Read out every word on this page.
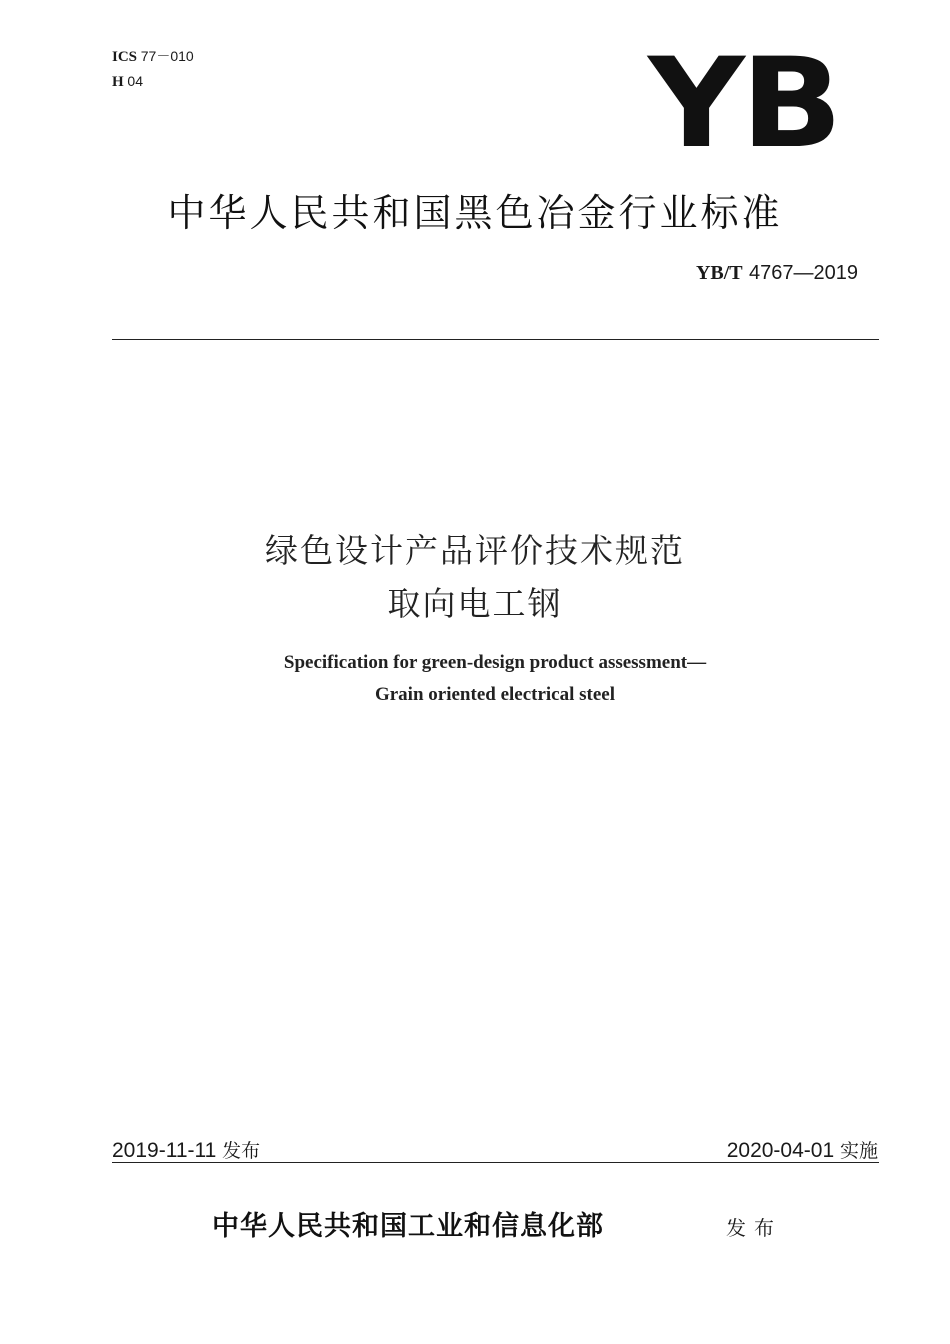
ICS 77－010
H 04	YB
中华人民共和国黑色冶金行业标准
YB/T 4767—2019
绿色设计产品评价技术规范
取向电工钢
Specification for green-design product assessment—
Grain oriented electrical steel
2019-11-11 发布	2020-04-01 实施
中华人民共和国工业和信息化部	发布
